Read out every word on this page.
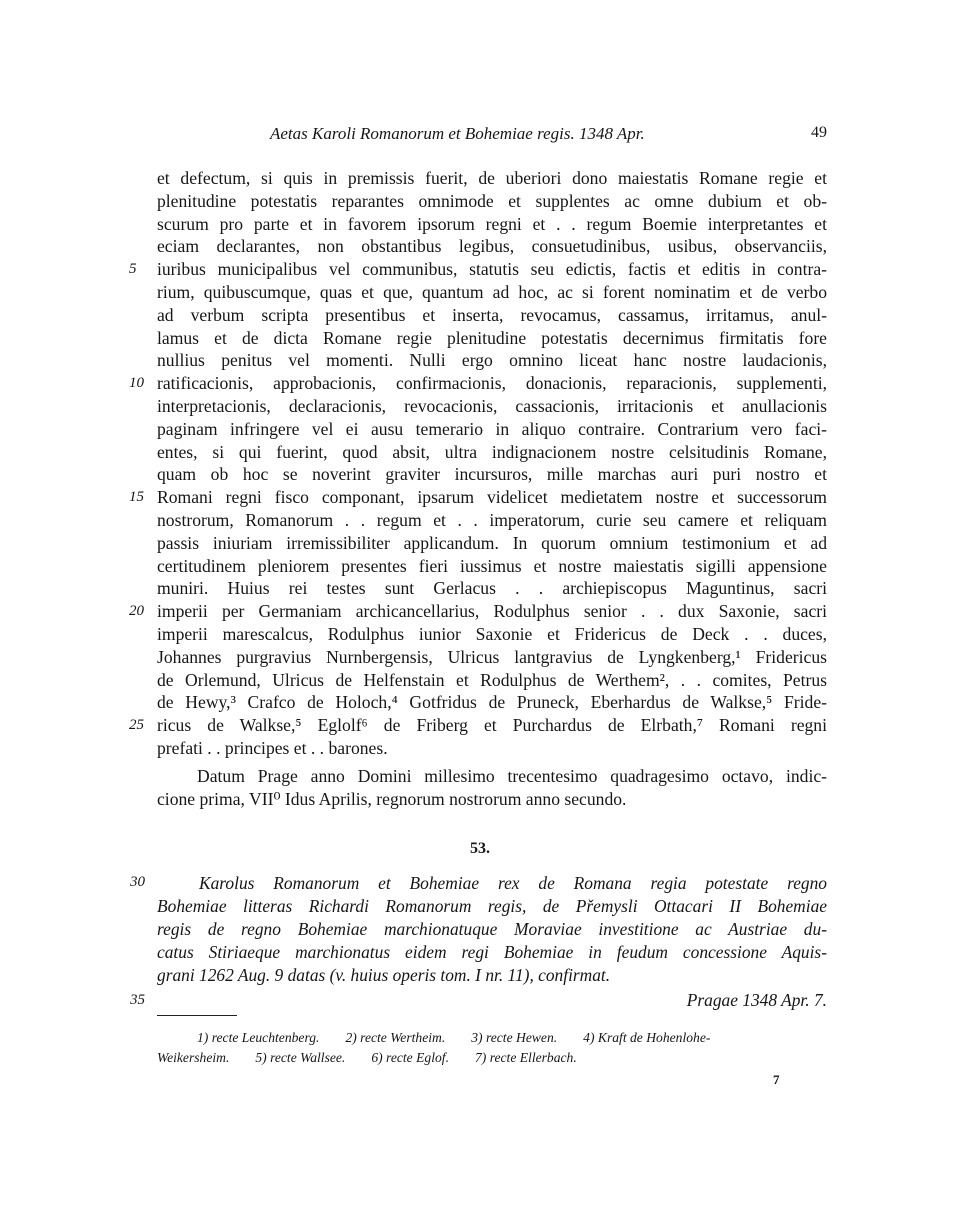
Aetas Karoli Romanorum et Bohemiae regis. 1348 Apr.	49
et defectum, si quis in premissis fuerit, de uberiori dono maiestatis Romane regie et
plenitudine potestatis reparantes omnimode et supplentes ac omne dubium et ob-
scurum pro parte et in favorem ipsorum regni et . . regum Boemie interpretantes et
eciam declarantes, non obstantibus legibus, consuetudinibus, usibus, observanciis,
5	iuribus municipalibus vel communibus, statutis seu edictis, factis et editis in contra-
rium, quibuscumque, quas et que, quantum ad hoc, ac si forent nominatim et de verbo
ad verbum scripta presentibus et inserta, revocamus, cassamus, irritamus, anul-
lamus et de dicta Romane regie plenitudine potestatis decernimus firmitatis fore
nullius penitus vel momenti. Nulli ergo omnino liceat hanc nostre laudacionis,
10 ratificacionis, approbacionis, confirmacionis, donacionis, reparacionis, supplementi,
interpretacionis, declaracionis, revocacionis, cassacionis, irritacionis et anullacionis
paginam infringere vel ei ausu temerario in aliquo contraire. Contrarium vero faci-
entes, si qui fuerint, quod absit, ultra indignacionem nostre celsitudinis Romane,
quam ob hoc se noverint graviter incursuros, mille marchas auri puri nostro et
15 Romani regni fisco componant, ipsarum videlicet medietatem nostre et successorum
nostrorum, Romanorum . . regum et . . imperatorum, curie seu camere et reliquam
passis iniuriam irremissibiliter applicandum. In quorum omnium testimonium et ad
certitudinem pleniorem presentes fieri iussimus et nostre maiestatis sigilli appensione
muniri. Huius rei testes sunt Gerlacus . . archiepiscopus Maguntinus, sacri
20 imperii per Germaniam archicancellarius, Rodulphus senior . . dux Saxonie, sacri
imperii marescalcus, Rodulphus iunior Saxonie et Fridericus de Deck . . duces,
Johannes purgravius Nurnbergensis, Ulricus lantgravius de Lyngkenberg,¹ Fridericus
de Orlemund, Ulricus de Helfenstain et Rodulphus de Werthem², . . comites, Petrus
de Hewy,³ Crafco de Holoch,⁴ Gotfridus de Pruneck, Eberhardus de Walkse,⁵ Fride-
25 ricus de Walkse,⁵ Eglolf⁶ de Friberg et Purchardus de Elrbath,⁷ Romani regni
prefati . . principes et . . barones.
Datum Prage anno Domini millesimo trecentesimo quadragesimo octavo, indic-
cione prima, VII⁰ Idus Aprilis, regnorum nostrorum anno secundo.
53.
30	Karolus Romanorum et Bohemiae rex de Romana regia potestate regno
Bohemiae litteras Richardi Romanorum regis, de Přemysli Ottacari II Bohemiae
regis de regno Bohemiae marchionatuque Moraviae investitione ac Austriae du-
catus Stiriaeque marchionatus eidem regi Bohemiae in feudum concessione Aquis-
grani 1262 Aug. 9 datas (v. huius operis tom. I nr. 11), confirmat.
35	Pragae 1348 Apr. 7.
1) recte Leuchtenberg. 2) recte Wertheim. 3) recte Hewen. 4) Kraft de Hohenlohe-
Weikersheim. 5) recte Wallsee. 6) recte Eglof. 7) recte Ellerbach.
7
